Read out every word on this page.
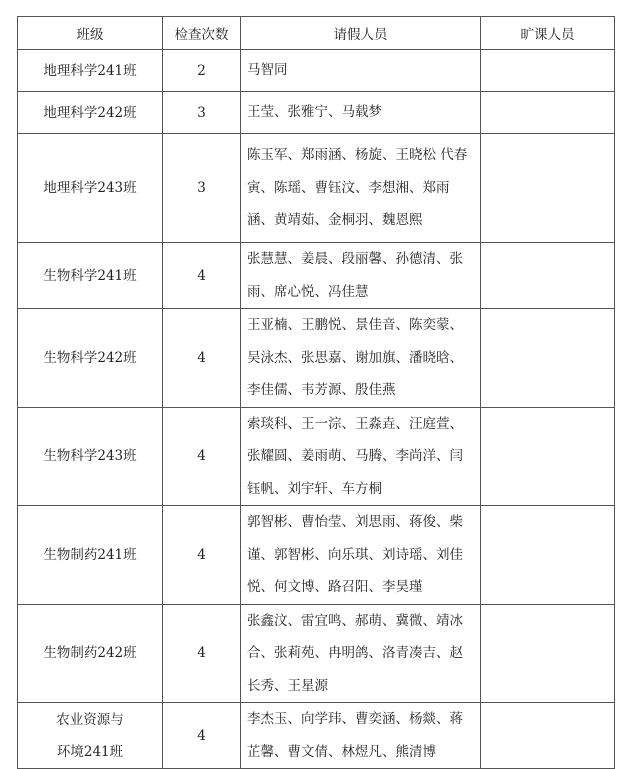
班级	检查次数	请假人员	旷课人员
地理科学241班	2	马智同	
地理科学242班	3	王莹、张雅宁、马载梦	
地理科学243班	3	陈玉军、郑雨涵、杨旋、王晓松 代春寅、陈瑶、曹钰汶、李想湘、郑雨涵、黄靖茹、金桐羽、魏恩熙	
生物科学241班	4	张慧慧、姜晨、段丽馨、孙德清、张雨、席心悦、冯佳慧	
生物科学242班	4	王亚楠、王鹏悦、景佳音、陈奕蒙、吴泳杰、张思嘉、谢加旗、潘晓晗、李佳儒、韦芳源、殷佳燕	
生物科学243班	4	索琰科、王一淙、王淼垚、汪庭萱、张耀圆、姜雨萌、马腾、李尚洋、闫钰帆、刘宇轩、车方桐	
生物制药241班	4	郭智彬、曹怡莹、刘思雨、蒋俊、柴谨、郭智彬、向乐琪、刘诗瑶、刘佳悦、何文博、路召阳、李昊瑾	
生物制药242班	4	张鑫汶、雷宜鸣、郝萌、冀微、靖冰合、张莉苑、冉明鸽、洛青凑吉、赵长秀、王星源	
农业资源与环境241班	4	李杰玉、向学玮、曹奕涵、杨燚、蒋芷馨、曹文倩、林煜凡、熊清博	
